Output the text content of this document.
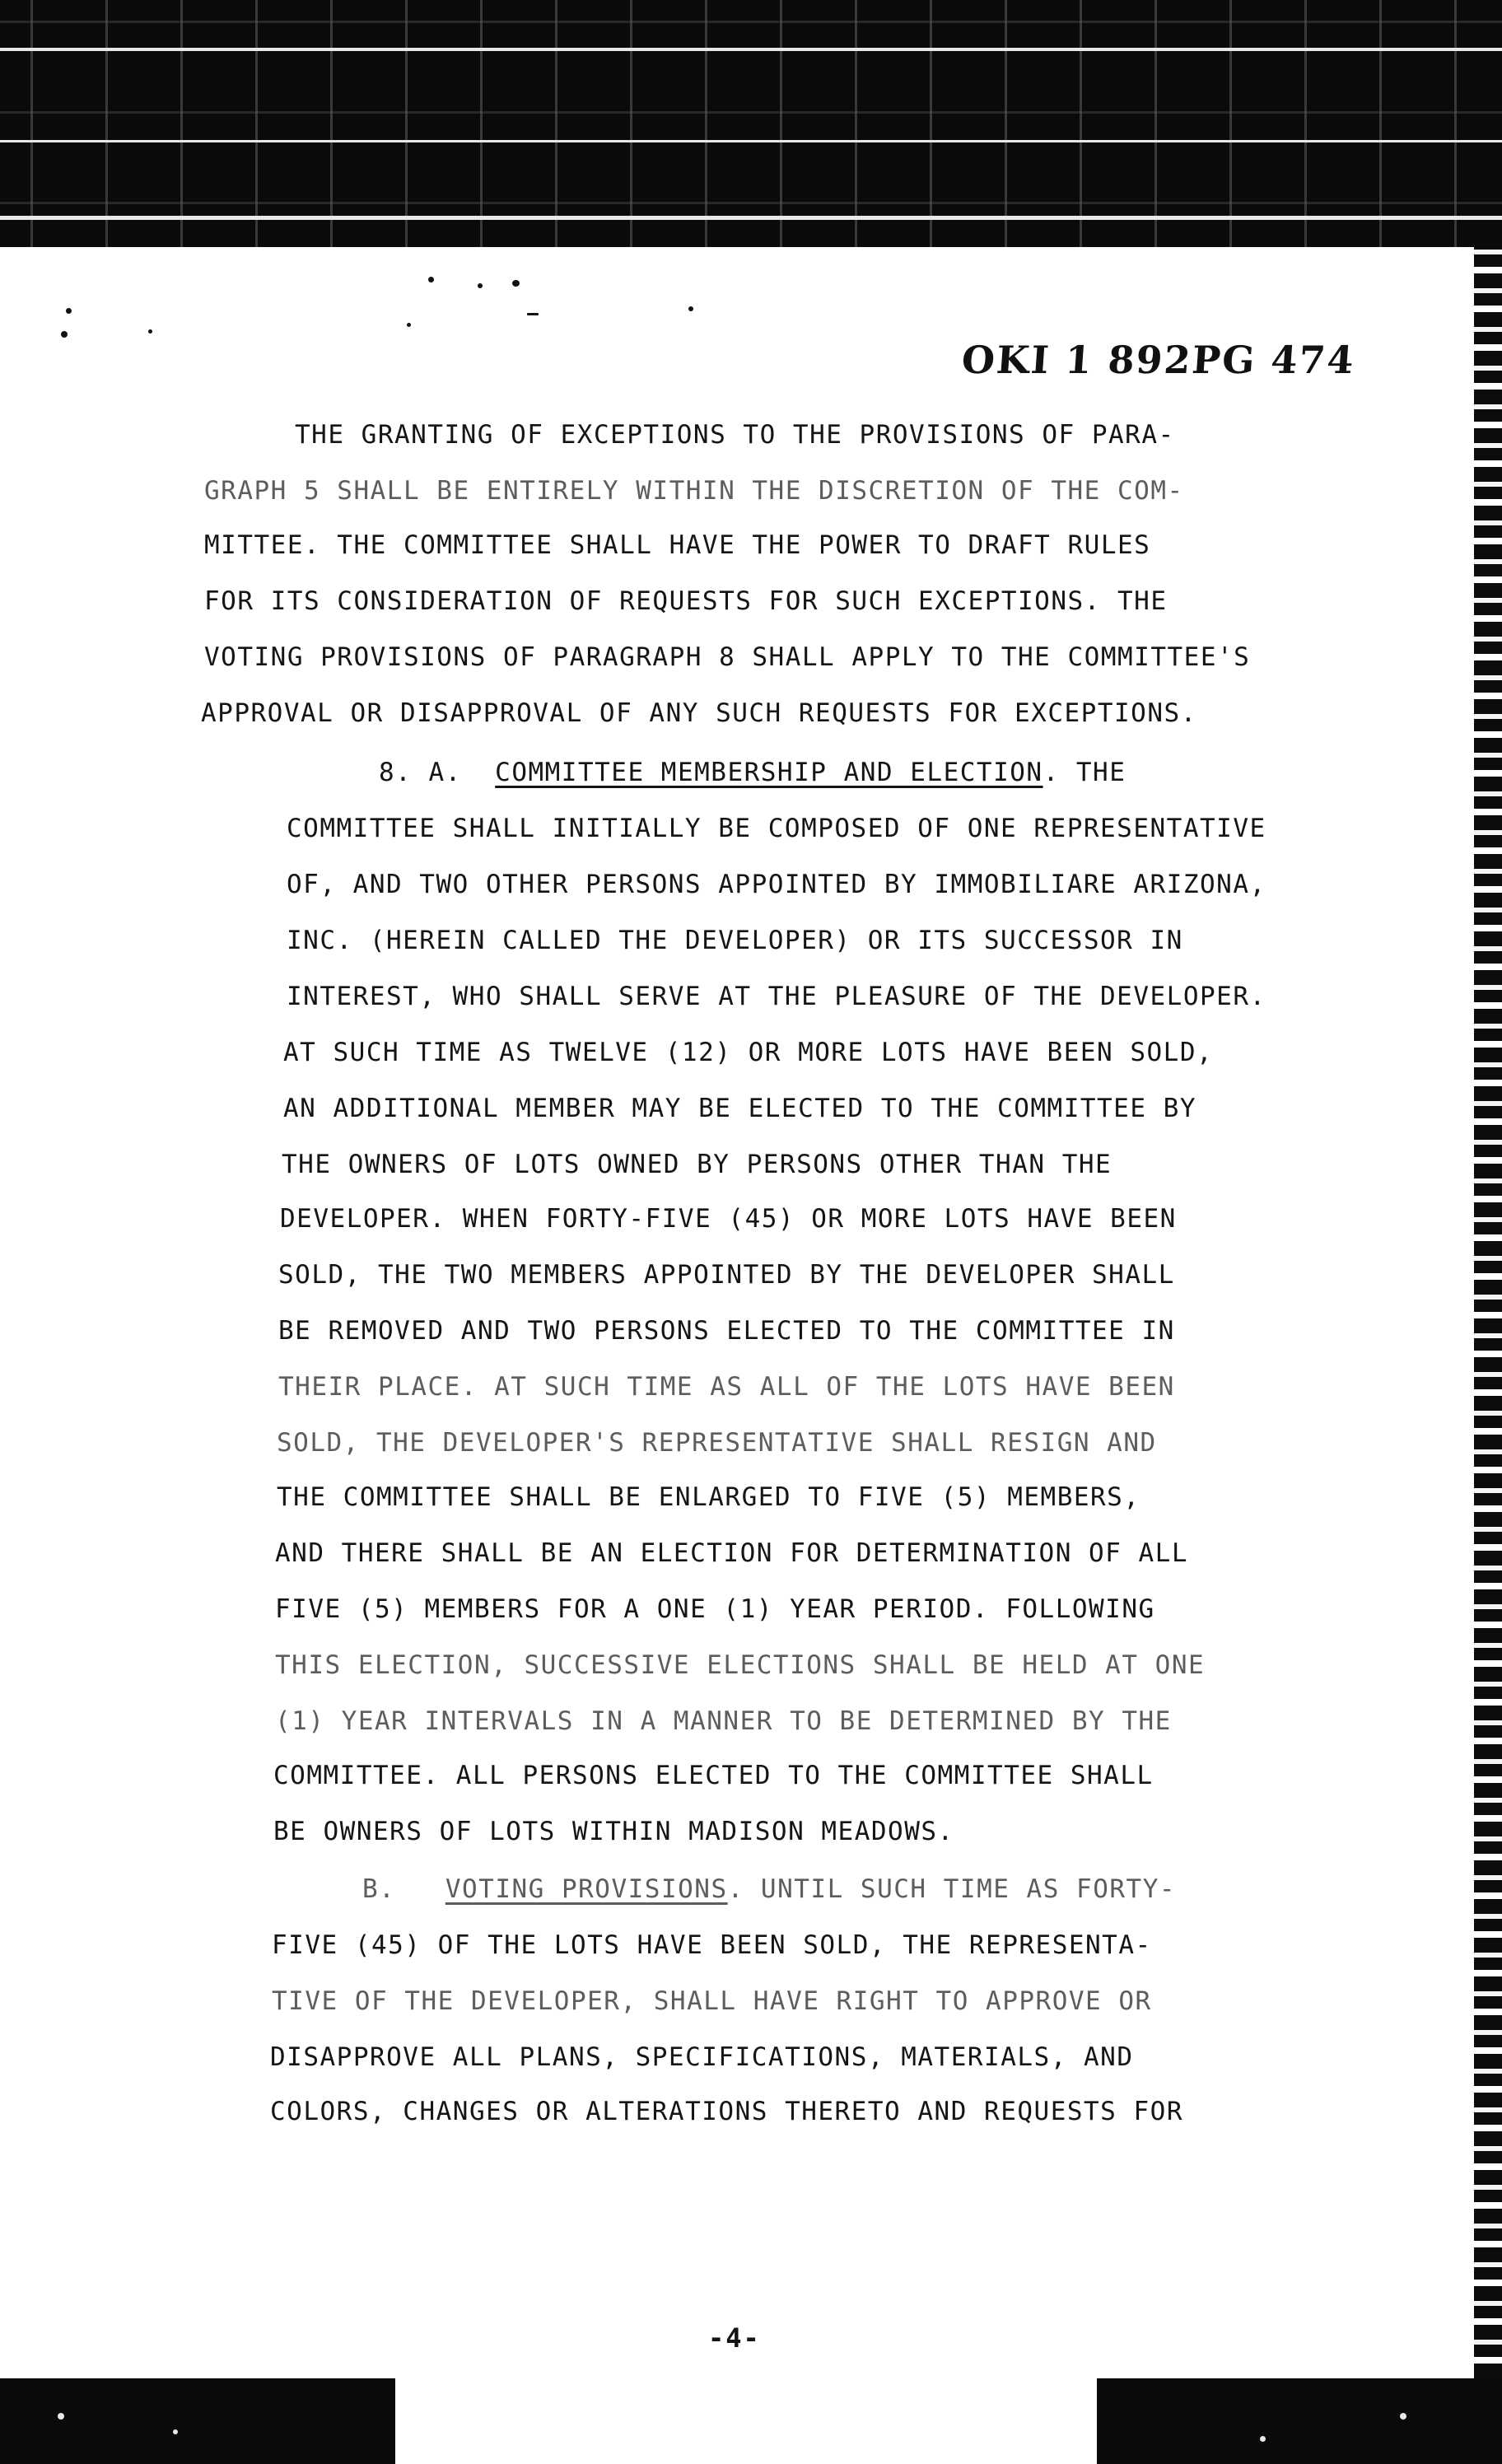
OKI 1 892PG 474
THE GRANTING OF EXCEPTIONS TO THE PROVISIONS OF PARA-
GRAPH 5 SHALL BE ENTIRELY WITHIN THE DISCRETION OF THE COM-
MITTEE. THE COMMITTEE SHALL HAVE THE POWER TO DRAFT RULES
FOR ITS CONSIDERATION OF REQUESTS FOR SUCH EXCEPTIONS. THE
VOTING PROVISIONS OF PARAGRAPH 8 SHALL APPLY TO THE COMMITTEE'S
APPROVAL OR DISAPPROVAL OF ANY SUCH REQUESTS FOR EXCEPTIONS.
8. A. COMMITTEE MEMBERSHIP AND ELECTION. THE
COMMITTEE SHALL INITIALLY BE COMPOSED OF ONE REPRESENTATIVE
OF, AND TWO OTHER PERSONS APPOINTED BY IMMOBILIARE ARIZONA,
INC. (HEREIN CALLED THE DEVELOPER) OR ITS SUCCESSOR IN
INTEREST, WHO SHALL SERVE AT THE PLEASURE OF THE DEVELOPER.
AT SUCH TIME AS TWELVE (12) OR MORE LOTS HAVE BEEN SOLD,
AN ADDITIONAL MEMBER MAY BE ELECTED TO THE COMMITTEE BY
THE OWNERS OF LOTS OWNED BY PERSONS OTHER THAN THE
DEVELOPER. WHEN FORTY-FIVE (45) OR MORE LOTS HAVE BEEN
SOLD, THE TWO MEMBERS APPOINTED BY THE DEVELOPER SHALL
BE REMOVED AND TWO PERSONS ELECTED TO THE COMMITTEE IN
THEIR PLACE. AT SUCH TIME AS ALL OF THE LOTS HAVE BEEN
SOLD, THE DEVELOPER'S REPRESENTATIVE SHALL RESIGN AND
THE COMMITTEE SHALL BE ENLARGED TO FIVE (5) MEMBERS,
AND THERE SHALL BE AN ELECTION FOR DETERMINATION OF ALL
FIVE (5) MEMBERS FOR A ONE (1) YEAR PERIOD. FOLLOWING
THIS ELECTION, SUCCESSIVE ELECTIONS SHALL BE HELD AT ONE
(1) YEAR INTERVALS IN A MANNER TO BE DETERMINED BY THE
COMMITTEE. ALL PERSONS ELECTED TO THE COMMITTEE SHALL
BE OWNERS OF LOTS WITHIN MADISON MEADOWS.
B. VOTING PROVISIONS. UNTIL SUCH TIME AS FORTY-
FIVE (45) OF THE LOTS HAVE BEEN SOLD, THE REPRESENTA-
TIVE OF THE DEVELOPER, SHALL HAVE RIGHT TO APPROVE OR
DISAPPROVE ALL PLANS, SPECIFICATIONS, MATERIALS, AND
COLORS, CHANGES OR ALTERATIONS THERETO AND REQUESTS FOR
-4-
